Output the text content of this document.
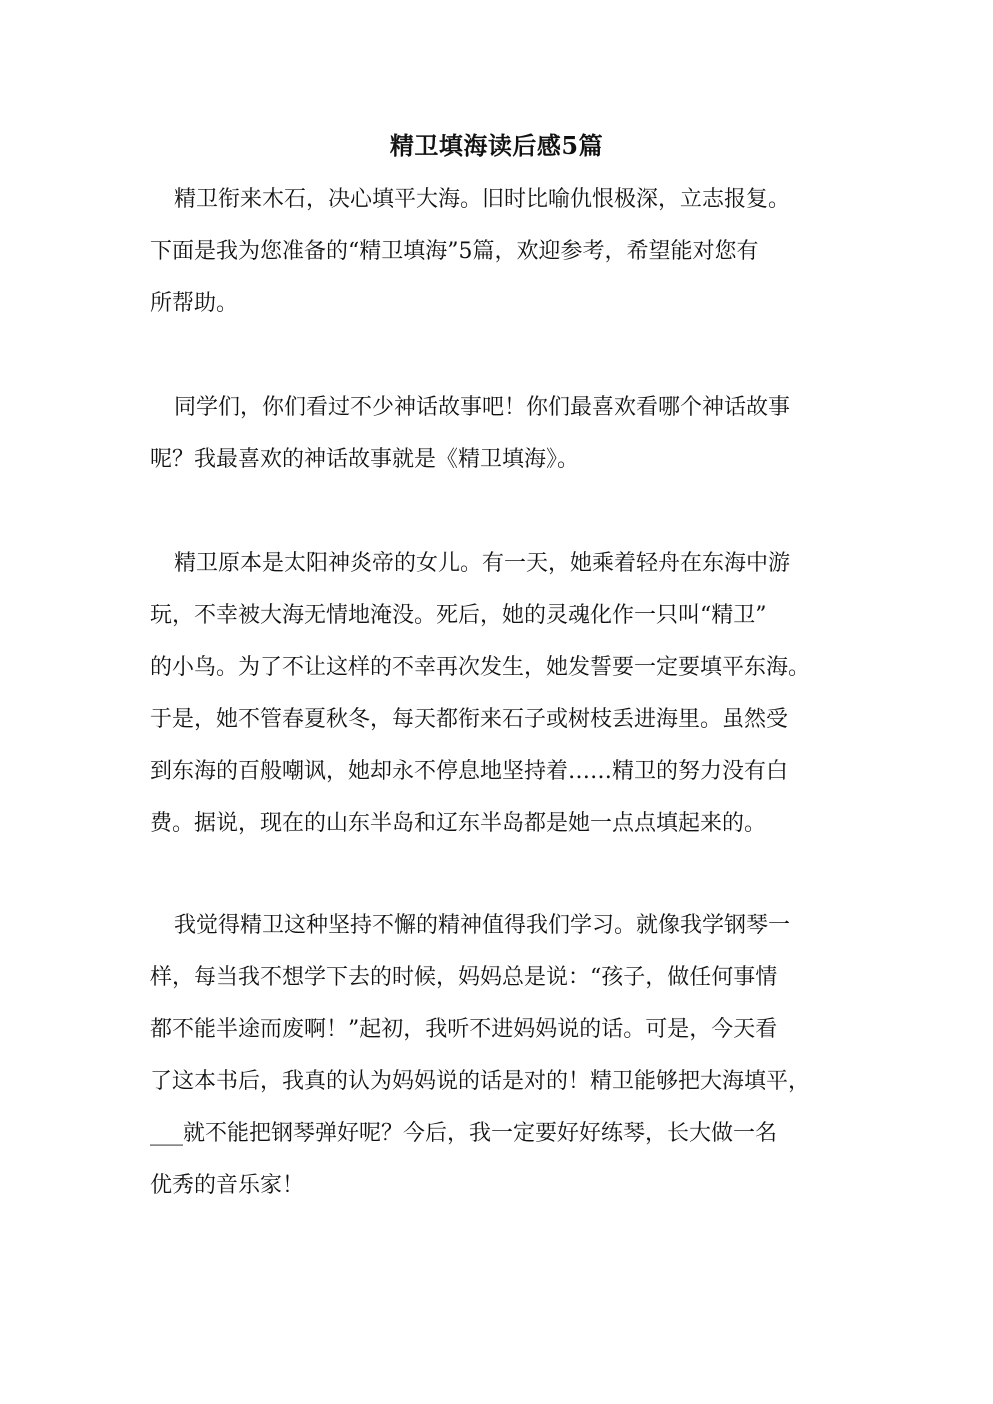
精卫填海读后感5篇
精卫衔来木石，决心填平大海。旧时比喻仇恨极深，立志报复。
下面是我为您准备的“精卫填海”5篇，欢迎参考，希望能对您有
所帮助。
同学们，你们看过不少神话故事吧！你们最喜欢看哪个神话故事
呢？我最喜欢的神话故事就是《精卫填海》。
精卫原本是太阳神炎帝的女儿。有一天，她乘着轻舟在东海中游
玩，不幸被大海无情地淹没。死后，她的灵魂化作一只叫“精卫”
的小鸟。为了不让这样的不幸再次发生，她发誓要一定要填平东海。
于是，她不管春夏秋冬，每天都衔来石子或树枝丢进海里。虽然受
到东海的百般嘲讽，她却永不停息地坚持着……精卫的努力没有白
费。据说，现在的山东半岛和辽东半岛都是她一点点填起来的。
我觉得精卫这种坚持不懈的精神值得我们学习。就像我学钢琴一
样，每当我不想学下去的时候，妈妈总是说：“孩子，做任何事情
都不能半途而废啊！”起初，我听不进妈妈说的话。可是，今天看
了这本书后，我真的认为妈妈说的话是对的！精卫能够把大海填平，
___就不能把钢琴弹好呢？今后，我一定要好好练琴，长大做一名
优秀的音乐家！
